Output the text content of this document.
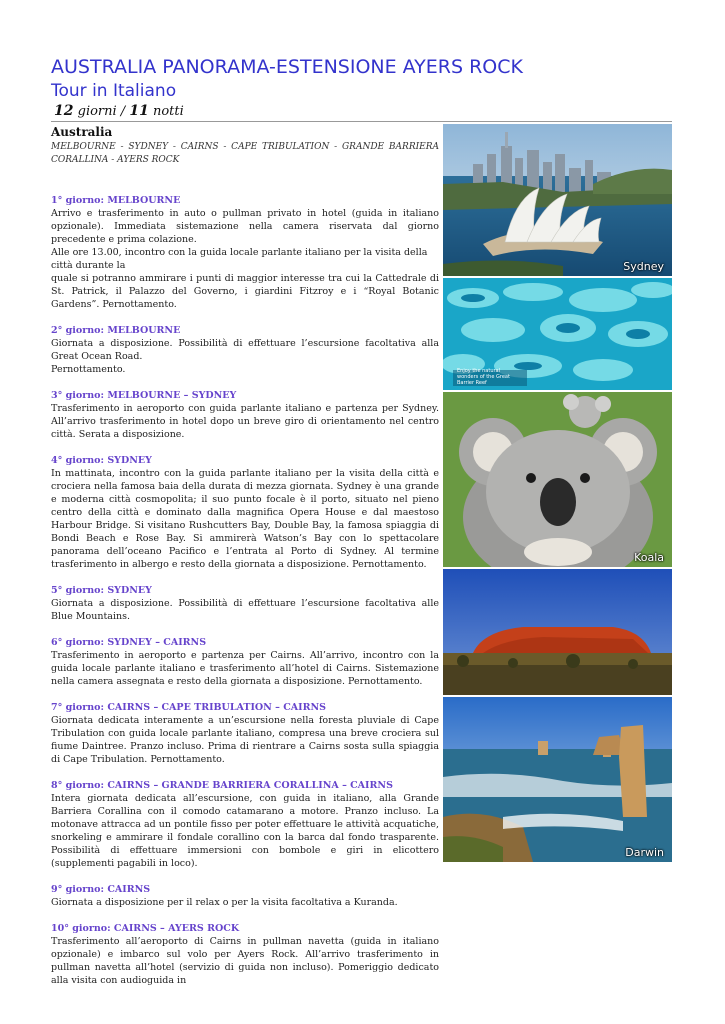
AUSTRALIA PANORAMA-ESTENSIONE AYERS ROCK
Tour in Italiano
12 giorni / 11 notti

Australia

MELBOURNE - SYDNEY - CAIRNS - CAPE TRIBULATION - GRANDE BARRIERA CORALLINA - AYERS ROCK

1° giorno: MELBOURNE

Arrivo e trasferimento in auto o pullman privato in hotel (guida in italiano opzionale). Immediata sistemazione nella camera riservata dal giorno precedente e prima colazione.

Alle ore 13.00, incontro con la guida locale parlante italiano per la visita della città durante la

quale si potranno ammirare i punti di maggior interesse tra cui la Cattedrale di St. Patrick, il Palazzo del Governo, i giardini Fitzroy e i “Royal Botanic Gardens”. Pernottamento.

2° giorno: MELBOURNE

Giornata a disposizione. Possibilità di effettuare l’escursione facoltativa alla Great Ocean Road.

Pernottamento.

3° giorno: MELBOURNE – SYDNEY

Trasferimento in aeroporto con guida parlante italiano e partenza per Sydney. All’arrivo trasferimento in hotel dopo un breve giro di orientamento nel centro città. Serata a disposizione.

4° giorno: SYDNEY

In mattinata, incontro con la guida parlante italiano per la visita della città e crociera nella famosa baia della durata di mezza giornata. Sydney è una grande e moderna città cosmopolita; il suo punto focale è il porto, situato nel pieno centro della città e dominato dalla magnifica Opera House e dal maestoso Harbour Bridge. Si visitano Rushcutters Bay, Double Bay, la famosa spiaggia di Bondi Beach e Rose Bay. Si ammirerà Watson’s Bay con lo spettacolare panorama dell’oceano Pacifico e l’entrata al Porto di Sydney. Al termine trasferimento in albergo e resto della giornata a disposizione. Pernottamento.

5° giorno: SYDNEY

Giornata a disposizione. Possibilità di effettuare l’escursione facoltativa alle Blue Mountains.

6° giorno: SYDNEY – CAIRNS

Trasferimento in aeroporto e partenza per Cairns. All’arrivo, incontro con la guida locale parlante italiano e trasferimento all’hotel di Cairns. Sistemazione nella camera assegnata e resto della giornata a disposizione. Pernottamento.

7° giorno: CAIRNS – CAPE TRIBULATION – CAIRNS

Giornata dedicata interamente a un’escursione nella foresta pluviale di Cape Tribulation con guida locale parlante italiano, compresa una breve crociera sul fiume Daintree. Pranzo incluso. Prima di rientrare a Cairns sosta sulla spiaggia di Cape Tribulation. Pernottamento.

8° giorno: CAIRNS – GRANDE BARRIERA CORALLINA – CAIRNS

Intera giornata dedicata all’escursione, con guida in italiano, alla Grande Barriera Corallina con il comodo catamarano a motore. Pranzo incluso. La motonave attracca ad un pontile fisso per poter effettuare le attività acquatiche, snorkeling e ammirare il fondale corallino con la barca dal fondo trasparente. Possibilità di effettuare immersioni con bombole e giri in elicottero (supplementi pagabili in loco).

9° giorno: CAIRNS

Giornata a disposizione per il relax o per la visita facoltativa a Kuranda.

10° giorno: CAIRNS – AYERS ROCK

Trasferimento all’aeroporto di Cairns in pullman navetta (guida in italiano opzionale) e imbarco sul volo per Ayers Rock. All’arrivo trasferimento in pullman navetta all’hotel (servizio di guida non incluso). Pomeriggio dedicato alla visita con audioguida in

Sydney
Enjoy the natural wonders of the Great Barrier Reef
Koala
Darwin
